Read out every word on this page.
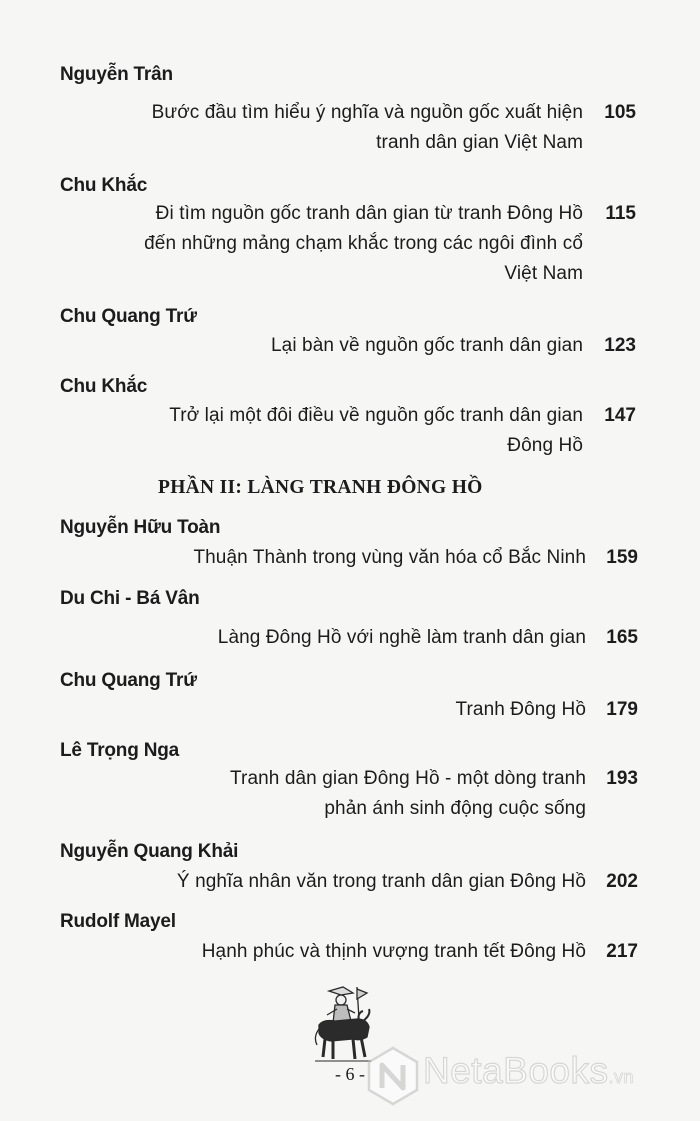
Nguyễn Trân
Bước đầu tìm hiểu ý nghĩa và nguồn gốc xuất hiện 105
tranh dân gian Việt Nam
Chu Khắc
Đi tìm nguồn gốc tranh dân gian từ tranh Đông Hồ 115
đến những mảng chạm khắc trong các ngôi đình cổ
Việt Nam
Chu Quang Trứ
Lại bàn về nguồn gốc tranh dân gian 123
Chu Khắc
Trở lại một đôi điều về nguồn gốc tranh dân gian 147
Đông Hồ
PHẦN II: LÀNG TRANH ĐÔNG HỒ
Nguyễn Hữu Toàn
Thuận Thành trong vùng văn hóa cổ Bắc Ninh 159
Du Chi - Bá Vân
Làng Đông Hồ với nghề làm tranh dân gian 165
Chu Quang Trứ
Tranh Đông Hồ 179
Lê Trọng Nga
Tranh dân gian Đông Hồ - một dòng tranh 193
phản ánh sinh động cuộc sống
Nguyễn Quang Khải
Ý nghĩa nhân văn trong tranh dân gian Đông Hồ 202
Rudolf Mayel
Hạnh phúc và thịnh vượng tranh tết Đông Hồ 217
- 6 -	NetaBooks.vn
